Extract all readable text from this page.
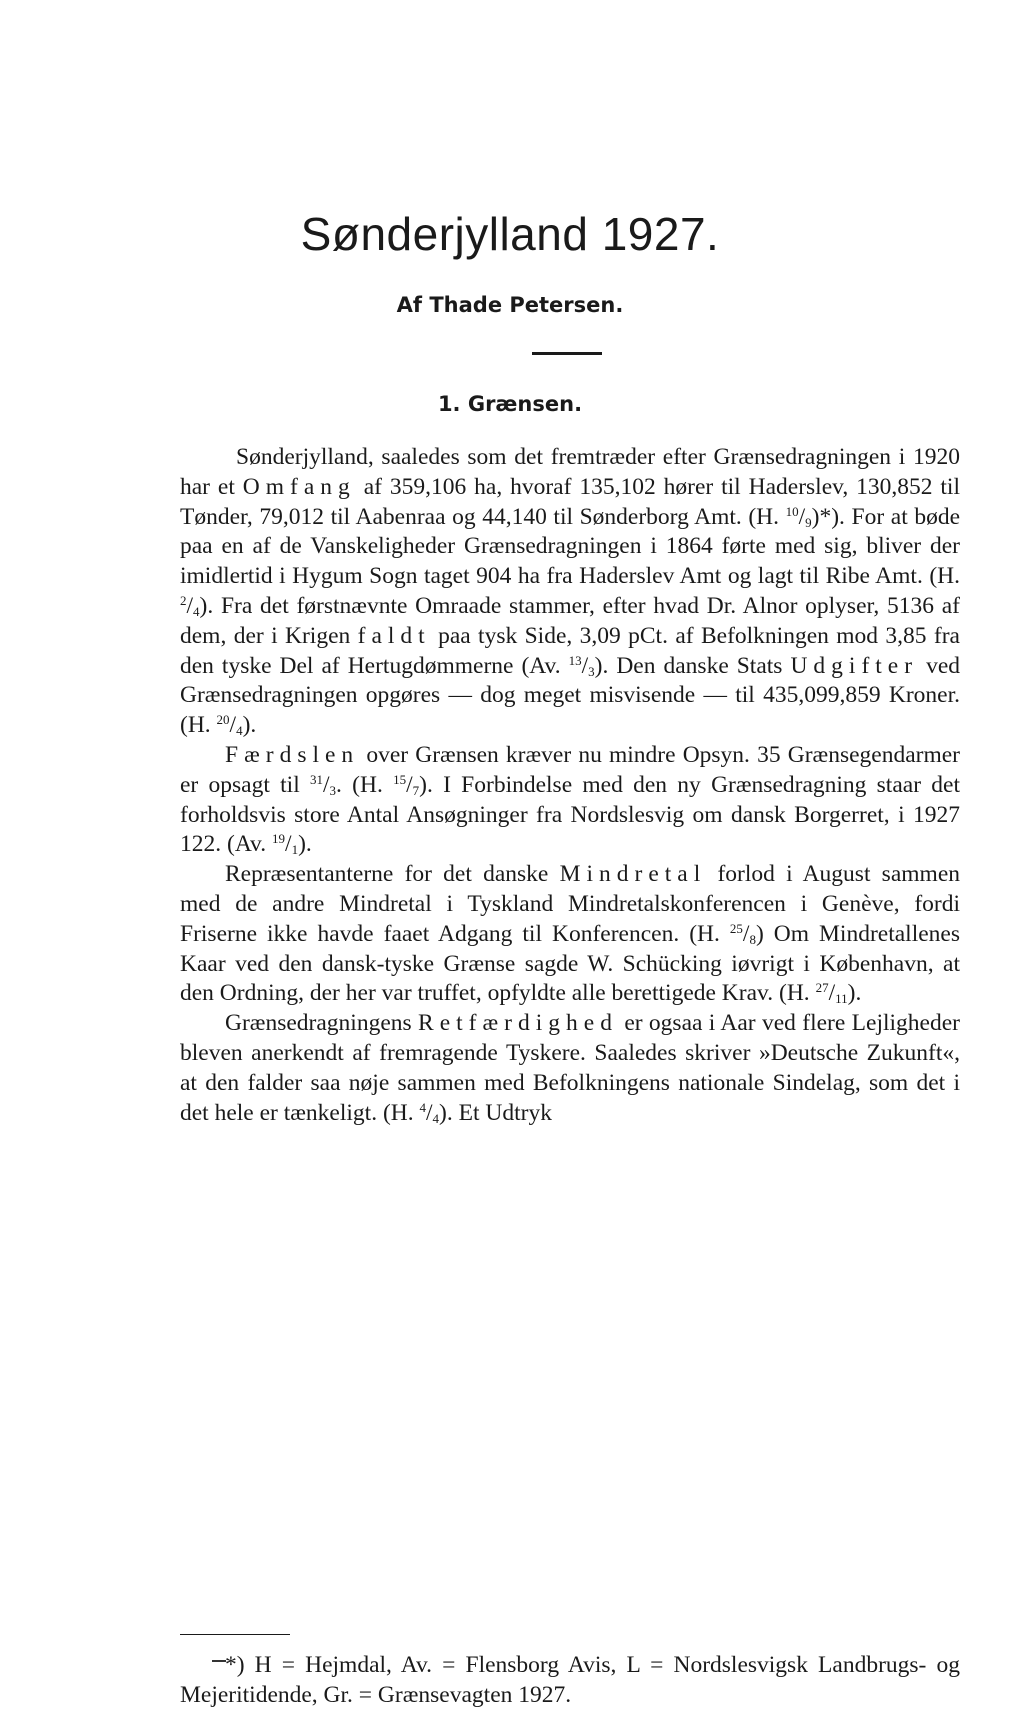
Sønderjylland 1927.
Af Thade Petersen.
1. Grænsen.

Sønderjylland, saaledes som det fremtræder efter Grænsedragningen i 1920 har et Omfang af 359,106 ha, hvoraf 135,102 hører til Haderslev, 130,852 til Tønder, 79,012 til Aabenraa og 44,140 til Sønderborg Amt. (H. $^{10}/_9)*$). For at bøde paa en af de Vanskeligheder Grænsedragningen i 1864 førte med sig, bliver der imidlertid i Hygum Sogn taget 904 ha fra Haderslev Amt og lagt til Ribe Amt. (H. $^2/_4$). Fra det førstnævnte Omraade stammer, efter hvad Dr. Alnor oplyser, 5136 af dem, der i Krigen faldt paa tysk Side, 3,09 pCt. af Befolkningen mod 3,85 fra den tyske Del af Hertugdømmerne (Av. $^{13}/_3$). Den danske Stats Udgifter ved Grænsedragningen opgøres — dog meget misvisende — til 435,099,859 Kroner. (H. $^{20}/_4$).

Færdslen over Grænsen kræver nu mindre Opsyn. 35 Grænsegendarmer er opsagt til $^{31}/_3$. (H. $^{15}/_7$). I Forbindelse med den ny Grænsedragning staar det forholdsvis store Antal Ansøgninger fra Nordslesvig om dansk Borgerret, i 1927 122. (Av. $^{19}/_1$).

Repræsentanterne for det danske Mindretal forlod i August sammen med de andre Mindretal i Tyskland Mindretalskonferencen i Genève, fordi Friserne ikke havde faaet Adgang til Konferencen. (H. $^{25}/_8$) Om Mindretallenes Kaar ved den dansk-tyske Grænse sagde W. Schücking iøvrigt i København, at den Ordning, der her var truffet, opfyldte alle berettigede Krav. (H. $^{27}/_{11}$).

Grænsedragningens Retfærdighed er ogsaa i Aar ved flere Lejligheder bleven anerkendt af fremragende Tyskere. Saaledes skriver »Deutsche Zukunft«, at den falder saa nøje sammen med Befolkningens nationale Sindelag, som det i det hele er tænkeligt. (H. $^4/_4$). Et Udtryk

*) H = Hejmdal, Av. = Flensborg Avis, L = Nordslesvigsk Landbrugs- og Mejeritidende, Gr. = Grænsevagten 1927.
